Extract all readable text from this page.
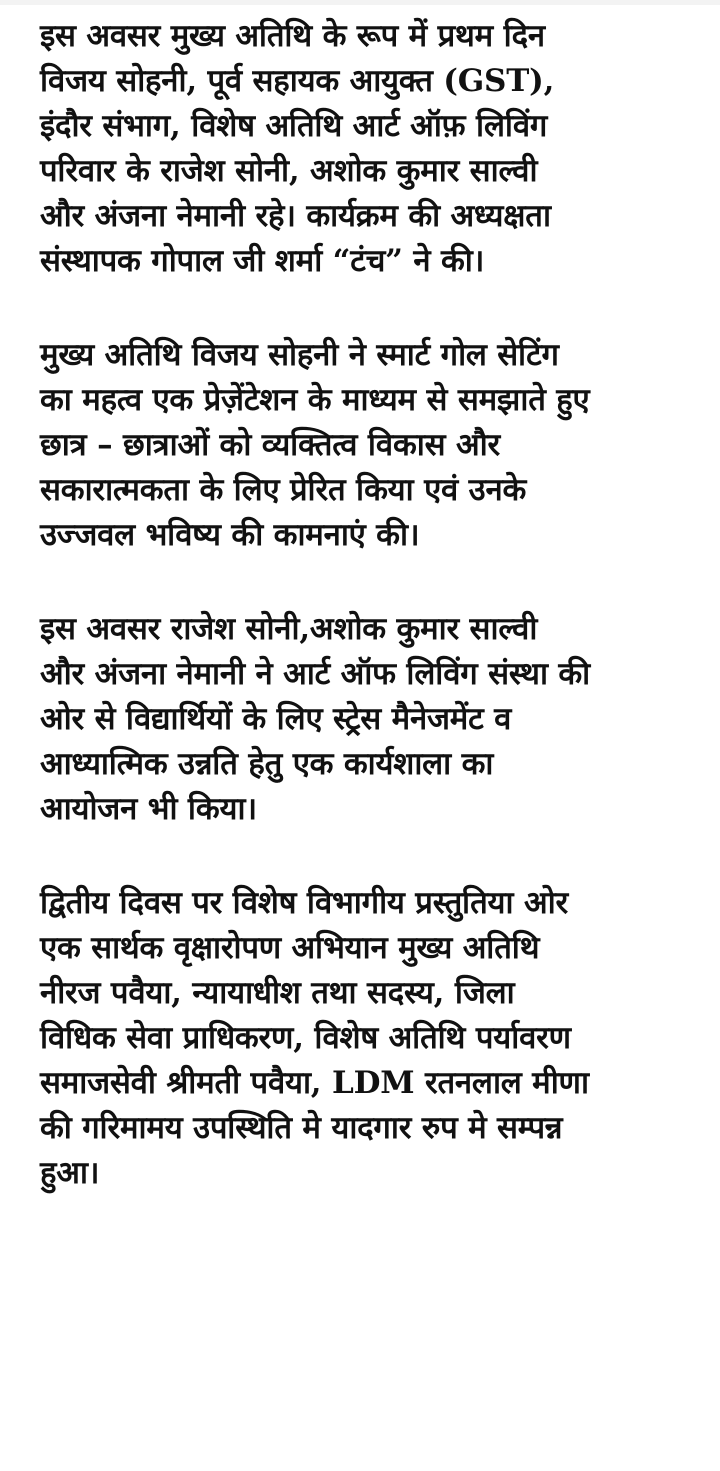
इस अवसर मुख्य अतिथि के रूप में प्रथम दिन
विजय सोहनी, पूर्व सहायक आयुक्त (GST),
इंदौर संभाग, विशेष अतिथि आर्ट ऑफ़ लिविंग
परिवार के राजेश सोनी, अशोक कुमार साल्वी
और अंजना नेमानी रहे। कार्यक्रम की अध्यक्षता
संस्थापक गोपाल जी शर्मा “टंच” ने की।

मुख्य अतिथि विजय सोहनी ने स्मार्ट गोल सेटिंग
का महत्व एक प्रेज़ेंटेशन के माध्यम से समझाते हुए
छात्र – छात्राओं को व्यक्तित्व विकास और
सकारात्मकता के लिए प्रेरित किया एवं उनके
उज्जवल भविष्य की कामनाएं की।

इस अवसर राजेश सोनी,अशोक कुमार साल्वी
और अंजना नेमानी ने आर्ट ऑफ लिविंग संस्था की
ओर से विद्यार्थियों के लिए स्ट्रेस मैनेजमेंट व
आध्यात्मिक उन्नति हेतु एक कार्यशाला का
आयोजन भी किया।

द्वितीय दिवस पर विशेष विभागीय प्रस्तुतिया ओर
एक सार्थक वृक्षारोपण अभियान मुख्य अतिथि
नीरज पवैया, न्यायाधीश तथा सदस्य, जिला
विधिक सेवा प्राधिकरण, विशेष अतिथि पर्यावरण
समाजसेवी श्रीमती पवैया, LDM रतनलाल मीणा
की गरिमामय उपस्थिति मे यादगार रुप मे सम्पन्न
हुआ।
